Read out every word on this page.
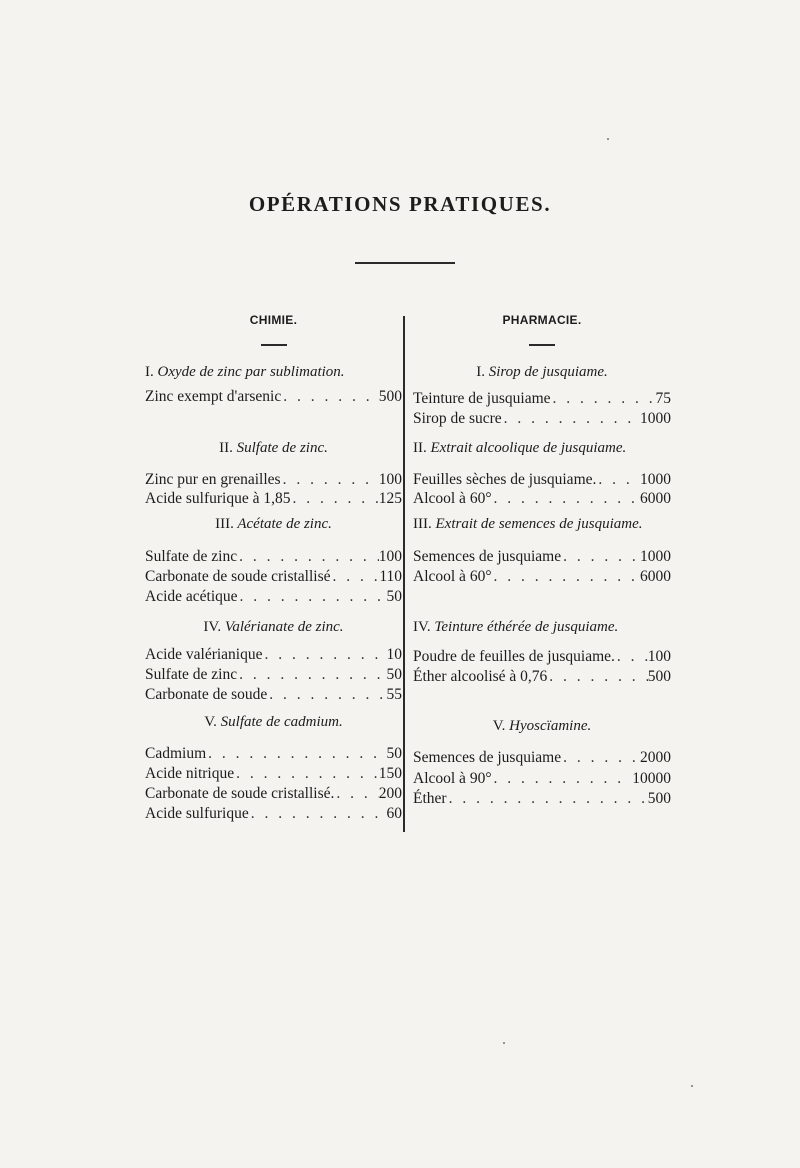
OPÉRATIONS PRATIQUES.
CHIMIE.
I. Oxyde de zinc par sublimation.
Zinc exempt d'arsenic . . .	500
II. Sulfate de zinc.
Zinc pur en grenailles . . .	100
Acide sulfurique à 1,85 . . .	125
III. Acétate de zinc.
Sulfate de zinc . . .	100
Carbonate de soude cristallisé . . .	110
Acide acétique . . .	50
IV. Valérianate de zinc.
Acide valérianique . . .	10
Sulfate de zinc . . .	50
Carbonate de soude . . .	55
V. Sulfate de cadmium.
Cadmium . . .	50
Acide nitrique . . .	150
Carbonate de soude cristallisé. . . .	200
Acide sulfurique . . .	60
PHARMACIE.
I. Sirop de jusquiame.
Teinture de jusquiame . . .	75
Sirop de sucre . . .	1000
II. Extrait alcoolique de jusquiame.
Feuilles sèches de jusquiame. . . .	1000
Alcool à 60° . . .	6000
III. Extrait de semences de jusquiame.
Semences de jusquiame . . .	1000
Alcool à 60° . . .	6000
IV. Teinture éthérée de jusquiame.
Poudre de feuilles de jusquiame. . . . 100
Éther alcoolisé à 0,76 . . .	500
V. Hyoscïamine.
Semences de jusquiame . . .	2000
Alcool à 90° . . .	10000
Éther . . .	500
